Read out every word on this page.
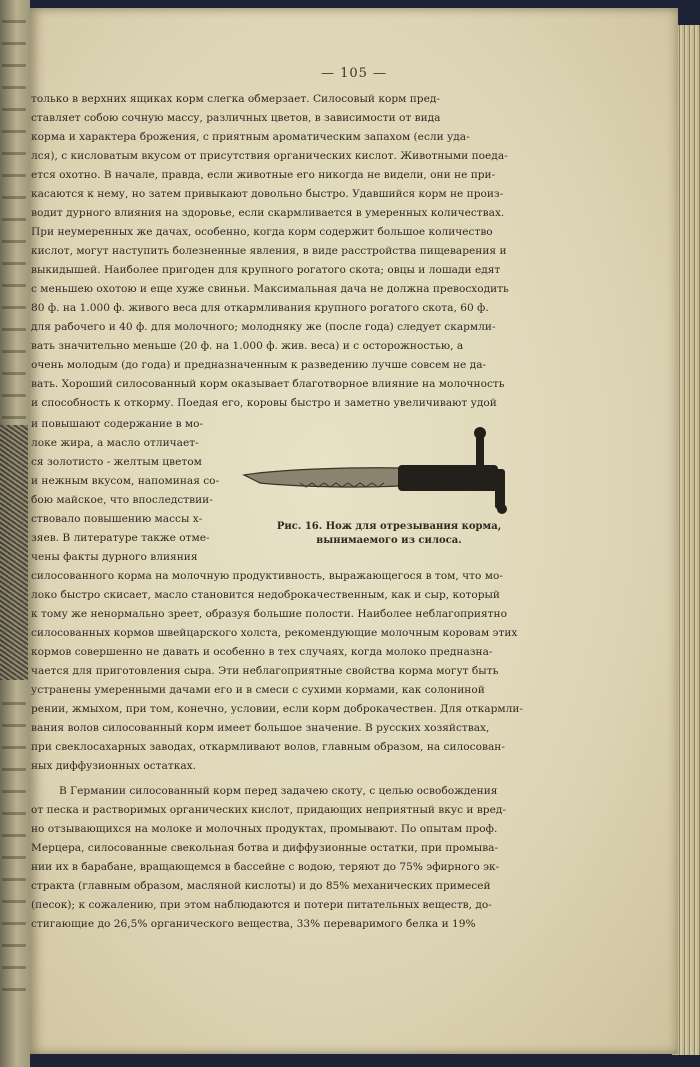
— 105 —
только в верхних ящиках корм слегка обмерзает. Силосовый корм пред-
ставляет собою сочную массу, различных цветов, в зависимости от вида
корма и характера брожения, с приятным ароматическим запахом (если уда-
лся), с кисловатым вкусом от присутствия органических кислот. Животными поеда-
ется охотно. В начале, правда, если животные его никогда не видели, они не при-
касаются к нему, но затем привыкают довольно быстро. Удавшийся корм не произ-
водит дурного влияния на здоровье, если скармливается в умеренных количествах.
При неумеренных же дачах, особенно, когда корм содержит большое количество
кислот, могут наступить болезненные явления, в виде расстройства пищеварения и
выкидышей. Наиболее пригоден для крупного рогатого скота; овцы и лошади едят
с меньшею охотою и еще хуже свиньи. Максимальная дача не должна превосходить
80 ф. на 1.000 ф. живого веса для откармливания крупного рогатого скота, 60 ф.
для рабочего и 40 ф. для молочного; молодняку же (после года) следует скармли-
вать значительно меньше (20 ф. на 1.000 ф. жив. веса) и с осторожностью, а
очень молодым (до года) и предназначенным к разведению лучше совсем не да-
вать. Хороший силосованный корм оказывает благотворное влияние на молочность
и способность к откорму. Поедая его, коровы быстро и заметно увеличивают удой
и повышают содержание в мо-
локе жира, а масло отличает-
ся золотисто - желтым цветом
и нежным вкусом, напоминая со-
бою майское, что впоследствии-
ствовало повышению массы х-
зяев. В литературе также отме-
чены факты дурного влияния
Рис. 16. Нож для отрезывания корма,
вынимаемого из силоса.
силосованного корма на молочную продуктивность, выражающегося в том, что мо-
локо быстро скисает, масло становится недоброкачественным, как и сыр, который
к тому же ненормально зреет, образуя большие полости. Наиболее неблагоприятно
силосованных кормов швейцарского холста, рекомендующие молочным коровам этих
кормов совершенно не давать и особенно в тех случаях, когда молоко предназна-
чается для приготовления сыра. Эти неблагоприятные свойства корма могут быть
устранены умеренными дачами его и в смеси с сухими кормами, как солониной
рении, жмыхом, при том, конечно, условии, если корм доброкачествен. Для откармли-
вания волов силосованный корм имеет большое значение. В русских хозяйствах,
при свеклосахарных заводах, откармливают волов, главным образом, на силосован-
ных диффузионных остатках.
В Германии силосованный корм перед задачею скоту, с целью освобождения
от песка и растворимых органических кислот, придающих неприятный вкус и вред-
но отзывающихся на молоке и молочных продуктах, промывают. По опытам проф.
Мерцера, силосованные свекольная ботва и диффузионные остатки, при промыва-
нии их в барабане, вращающемся в бассейне с водою, теряют до 75% эфирного эк-
стракта (главным образом, масляной кислоты) и до 85% механических примесей
(песок); к сожалению, при этом наблюдаются и потери питательных веществ, до-
стигающие до 26,5% органического вещества, 33% переваримого белка и 19%
